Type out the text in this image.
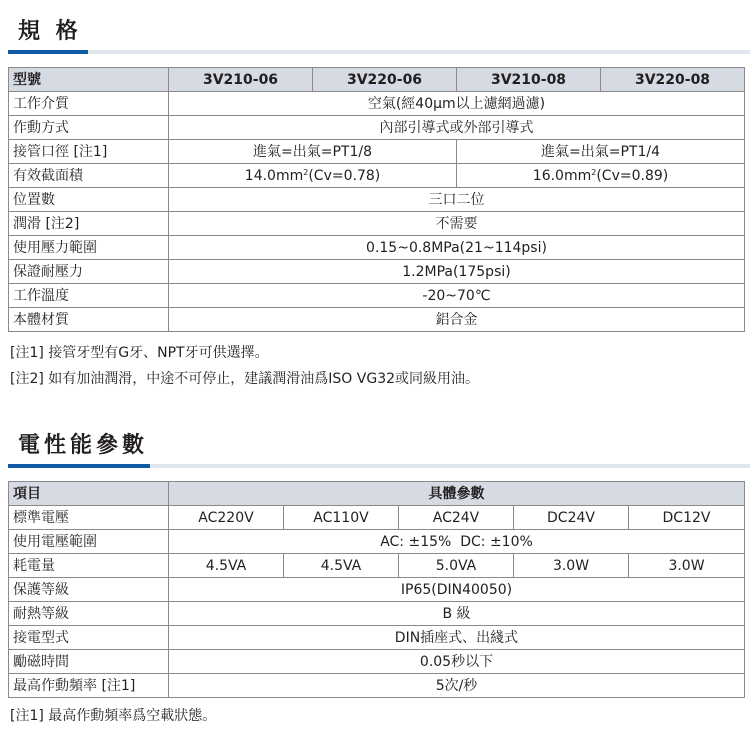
規 格
型號	3V210-06	3V220-06	3V210-08	3V220-08
工作介質	空氣(經40μm以上濾網過濾)			
作動方式	內部引導式或外部引導式			
接管口徑 [注1]	進氣=出氣=PT1/8		進氣=出氣=PT1/4	
有效截面積	$14.0mm^2(Cv=0.78)$		$16.0mm^2(Cv=0.89)$	
位置數	三口二位			
潤滑 [注2]	不需要			
使用壓力範圍	0.15~0.8MPa(21~114psi)			
保證耐壓力	1.2MPa(175psi)			
工作溫度	-20~70℃			
本體材質	鋁合金			
[注1] 接管牙型有G牙、NPT牙可供選擇。
[注2] 如有加油潤滑，中途不可停止，建議潤滑油爲ISO VG32或同級用油。
電性能參數
項目	具體參數				
標準電壓	AC220V	AC110V	AC24V	DC24V	DC12V
使用電壓範圍	AC: ±15%  DC: ±10%				
耗電量	4.5VA	4.5VA	5.0VA	3.0W	3.0W
保護等級	IP65(DIN40050)				
耐熱等級	B 級				
接電型式	DIN插座式、出綫式				
勵磁時間	0.05秒以下				
最高作動頻率 [注1]	5次/秒				
[注1] 最高作動頻率爲空載狀態。
